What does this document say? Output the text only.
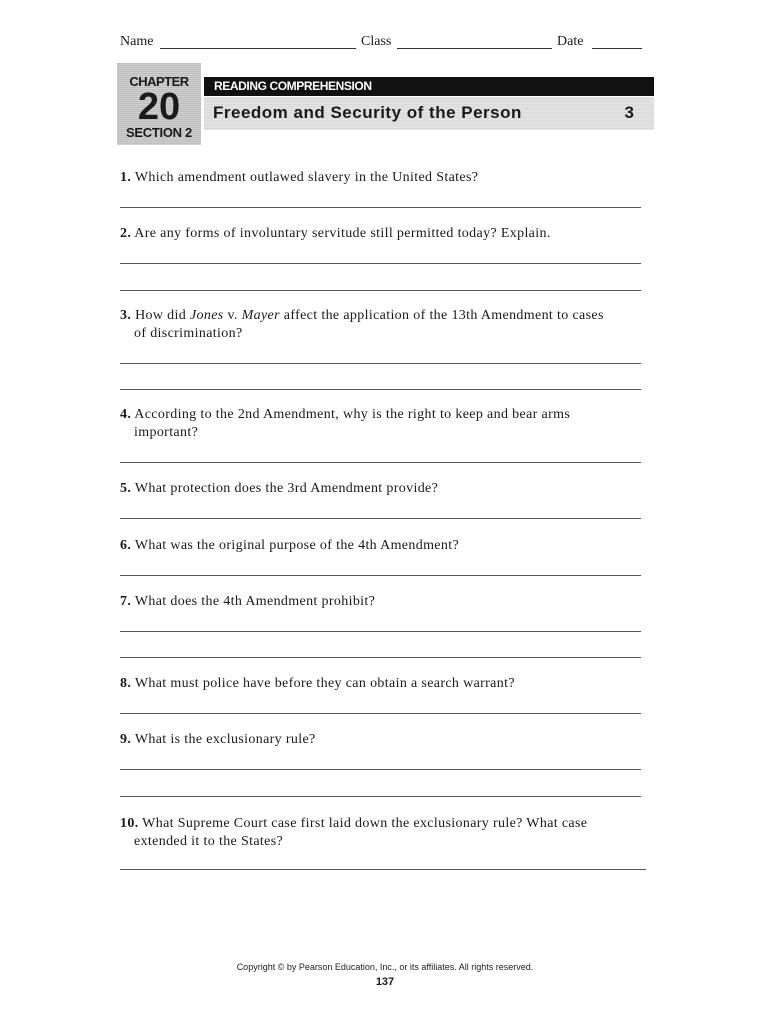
Name	Class	Date
CHAPTER
20
SECTION 2
READING COMPREHENSION
Freedom and Security of the Person	3
1. Which amendment outlawed slavery in the United States?
2. Are any forms of involuntary servitude still permitted today? Explain.
3. How did Jones v. Mayer affect the application of the 13th Amendment to cases
of discrimination?
4. According to the 2nd Amendment, why is the right to keep and bear arms
important?
5. What protection does the 3rd Amendment provide?
6. What was the original purpose of the 4th Amendment?
7. What does the 4th Amendment prohibit?
8. What must police have before they can obtain a search warrant?
9. What is the exclusionary rule?
10. What Supreme Court case first laid down the exclusionary rule? What case
extended it to the States?
Copyright © by Pearson Education, Inc., or its affiliates. All rights reserved.
137
